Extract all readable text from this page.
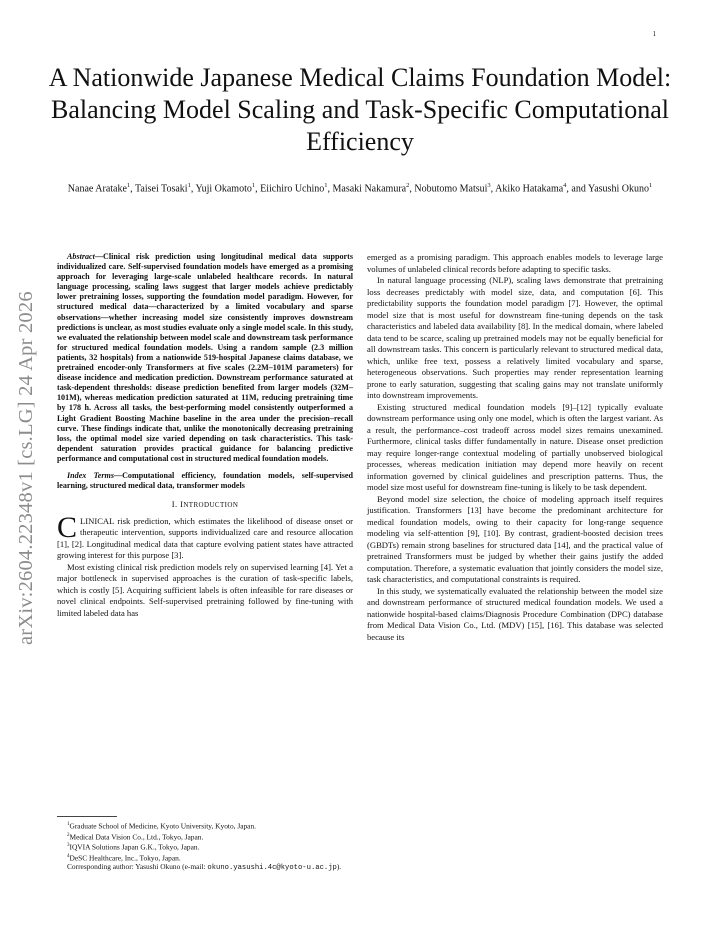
1
arXiv:2604.22348v1 [cs.LG] 24 Apr 2026
A Nationwide Japanese Medical Claims Foundation Model: Balancing Model Scaling and Task-Specific Computational Efficiency
Nanae Aratake$^1$, Taisei Tosaki$^1$, Yuji Okamoto$^1$, Eiichiro Uchino$^1$, Masaki Nakamura$^2$, Nobutomo Matsui$^3$, Akiko Hatakama$^4$, and Yasushi Okuno$^1$

Abstract—Clinical risk prediction using longitudinal medical data supports individualized care. Self-supervised foundation models have emerged as a promising approach for leveraging large-scale unlabeled healthcare records. In natural language processing, scaling laws suggest that larger models achieve predictably lower pretraining losses, supporting the foundation model paradigm. However, for structured medical data—characterized by a limited vocabulary and sparse observations—whether increasing model size consistently improves downstream predictions is unclear, as most studies evaluate only a single model scale. In this study, we evaluated the relationship between model scale and downstream task performance for structured medical foundation models. Using a random sample (2.3 million patients, 32 hospitals) from a nationwide 519-hospital Japanese claims database, we pretrained encoder-only Transformers at five scales (2.2M–101M parameters) for disease incidence and medication prediction. Downstream performance saturated at task-dependent thresholds: disease prediction benefited from larger models (32M–101M), whereas medication prediction saturated at 11M, reducing pretraining time by 178 h. Across all tasks, the best-performing model consistently outperformed a Light Gradient Boosting Machine baseline in the area under the precision–recall curve. These findings indicate that, unlike the monotonically decreasing pretraining loss, the optimal model size varied depending on task characteristics. This task-dependent saturation provides practical guidance for balancing predictive performance and computational cost in structured medical foundation models.

Index Terms—Computational efficiency, foundation models, self-supervised learning, structured medical data, transformer models

I. INTRODUCTION

CLINICAL risk prediction, which estimates the likelihood of disease onset or therapeutic intervention, supports individualized care and resource allocation [1], [2]. Longitudinal medical data that capture evolving patient states have attracted growing interest for this purpose [3].

Most existing clinical risk prediction models rely on supervised learning [4]. Yet a major bottleneck in supervised approaches is the curation of task-specific labels, which is costly [5]. Acquiring sufficient labels is often infeasible for rare diseases or novel clinical endpoints. Self-supervised pretraining followed by fine-tuning with limited labeled data has

emerged as a promising paradigm. This approach enables models to leverage large volumes of unlabeled clinical records before adapting to specific tasks.

In natural language processing (NLP), scaling laws demonstrate that pretraining loss decreases predictably with model size, data, and computation [6]. This predictability supports the foundation model paradigm [7]. However, the optimal model size that is most useful for downstream fine-tuning depends on the task characteristics and labeled data availability [8]. In the medical domain, where labeled data tend to be scarce, scaling up pretrained models may not be equally beneficial for all downstream tasks. This concern is particularly relevant to structured medical data, which, unlike free text, possess a relatively limited vocabulary and sparse, heterogeneous observations. Such properties may render representation learning prone to early saturation, suggesting that scaling gains may not translate uniformly into downstream improvements.

Existing structured medical foundation models [9]–[12] typically evaluate downstream performance using only one model, which is often the largest variant. As a result, the performance–cost tradeoff across model sizes remains unexamined. Furthermore, clinical tasks differ fundamentally in nature. Disease onset prediction may require longer-range contextual modeling of partially unobserved biological processes, whereas medication initiation may depend more heavily on recent information governed by clinical guidelines and prescription patterns. Thus, the model size most useful for downstream fine-tuning is likely to be task dependent.

Beyond model size selection, the choice of modeling approach itself requires justification. Transformers [13] have become the predominant architecture for medical foundation models, owing to their capacity for long-range sequence modeling via self-attention [9], [10]. By contrast, gradient-boosted decision trees (GBDTs) remain strong baselines for structured data [14], and the practical value of pretrained Transformers must be judged by whether their gains justify the added computation. Therefore, a systematic evaluation that jointly considers the model size, task characteristics, and computational constraints is required.

In this study, we systematically evaluated the relationship between the model size and downstream performance of structured medical foundation models. We used a nationwide hospital-based claims/Diagnosis Procedure Combination (DPC) database from Medical Data Vision Co., Ltd. (MDV) [15], [16]. This database was selected because its

$^1$Graduate School of Medicine, Kyoto University, Kyoto, Japan.
$^2$Medical Data Vision Co., Ltd., Tokyo, Japan.
$^3$IQVIA Solutions Japan G.K., Tokyo, Japan.
$^4$DeSC Healthcare, Inc., Tokyo, Japan.
Corresponding author: Yasushi Okuno (e-mail: okuno.yasushi.4c@kyoto-u.ac.jp).
